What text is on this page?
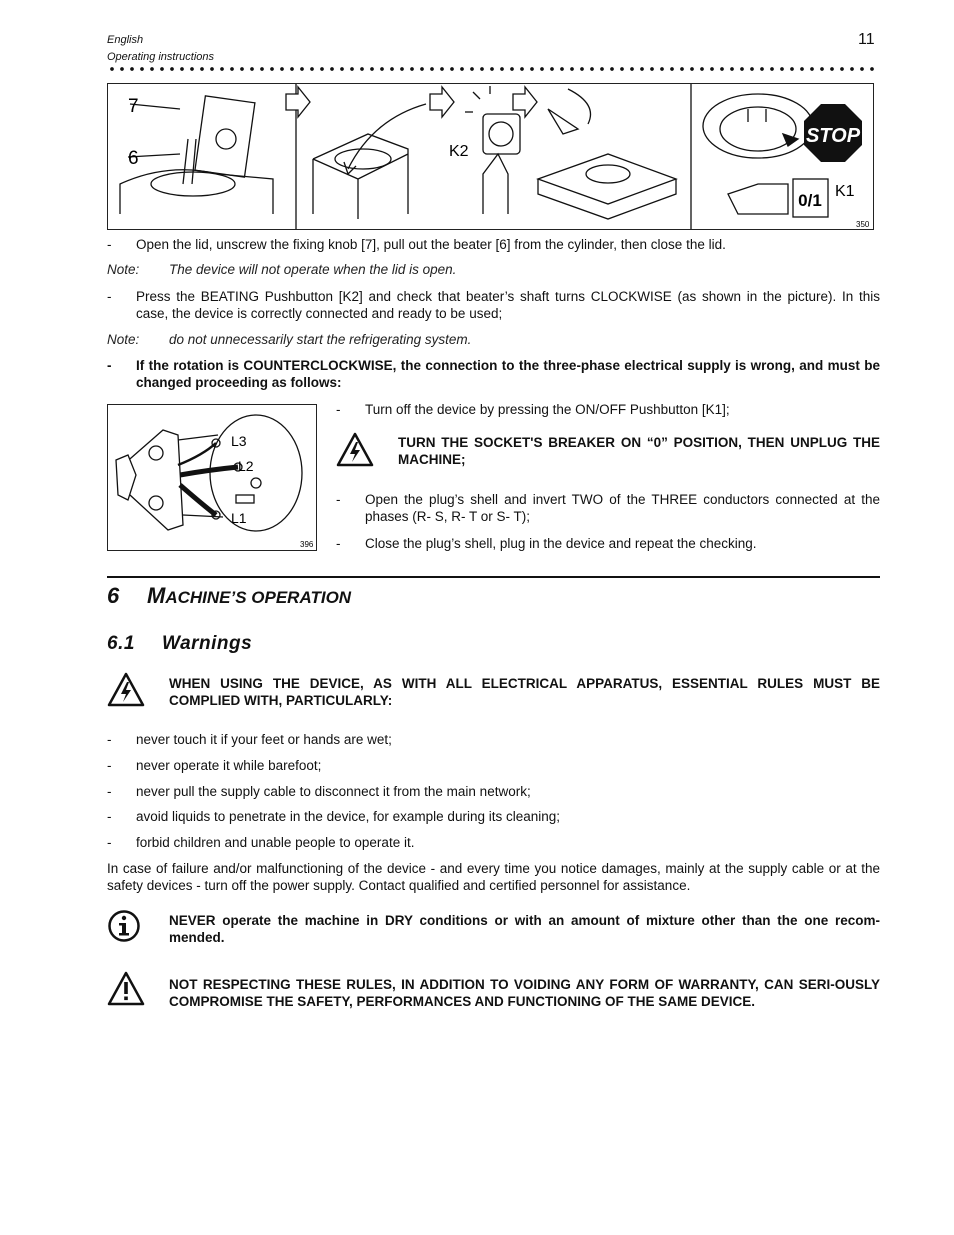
English
Operating instructions
11
STOP
7
6	K2
0/1 K1
350
-	Open the lid, unscrew the fixing knob [7], pull out the beater [6] from the cylinder, then close the lid.
Note:	The device will not operate when the lid is open.
-	Press the BEATING Pushbutton [K2] and check that beater’s shaft turns CLOCKWISE (as shown in the picture). In this case, the device is correctly connected and ready to be used;
Note:	do not unnecessarily start the refrigerating system.
-	If the rotation is COUNTERCLOCKWISE, the connection to the three-phase electrical supply is wrong, and must be changed proceeding as follows:
L3
L2
L1
396
-	Turn off the device by pressing the ON/OFF Pushbutton [K1];
TURN THE SOCKET'S BREAKER ON “0” POSITION, THEN UNPLUG THE MACHINE;
-	Open the plug’s shell and invert TWO of the THREE conductors connected at the phases (R- S, R- T or S- T);
-	Close the plug’s shell, plug in the device and repeat the checking.
6 MACHINE’S OPERATION
6.1 Warnings
WHEN USING THE DEVICE, AS WITH ALL ELECTRICAL APPARATUS, ESSENTIAL RULES MUST BE COMPLIED WITH, PARTICULARLY:
-	never touch it if your feet or hands are wet;
-	never operate it while barefoot;
-	never pull the supply cable to disconnect it from the main network;
-	avoid liquids to penetrate in the device, for example during its cleaning;
-	forbid children and unable people to operate it.
In case of failure and/or malfunctioning of the device - and every time you notice damages, mainly at the supply cable or at the safety devices - turn off the power supply. Contact qualified and certified personnel for assistance.
NEVER operate the machine in DRY conditions or with an amount of mixture other than the one recom-mended.
NOT RESPECTING THESE RULES, IN ADDITION TO VOIDING ANY FORM OF WARRANTY, CAN SERI-OUSLY COMPROMISE THE SAFETY, PERFORMANCES AND FUNCTIONING OF THE SAME DEVICE.
